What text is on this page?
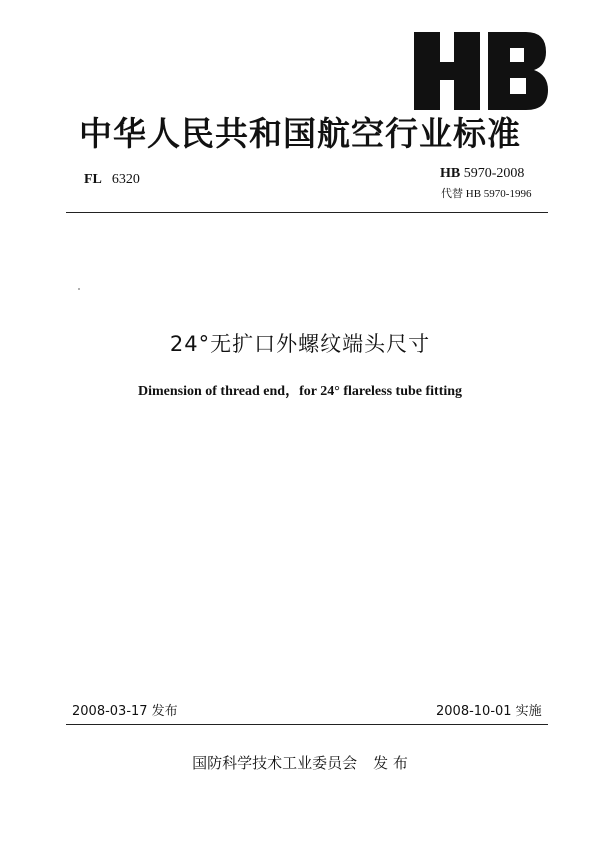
中华人民共和国航空行业标准
FL 6320	HB 5970-2008
代替 HB 5970-1996
24°无扩口外螺纹端头尺寸
Dimension of thread end，for 24° flareless tube fitting
2008-03-17 发布	2008-10-01 实施
国防科学技术工业委员会 发 布
